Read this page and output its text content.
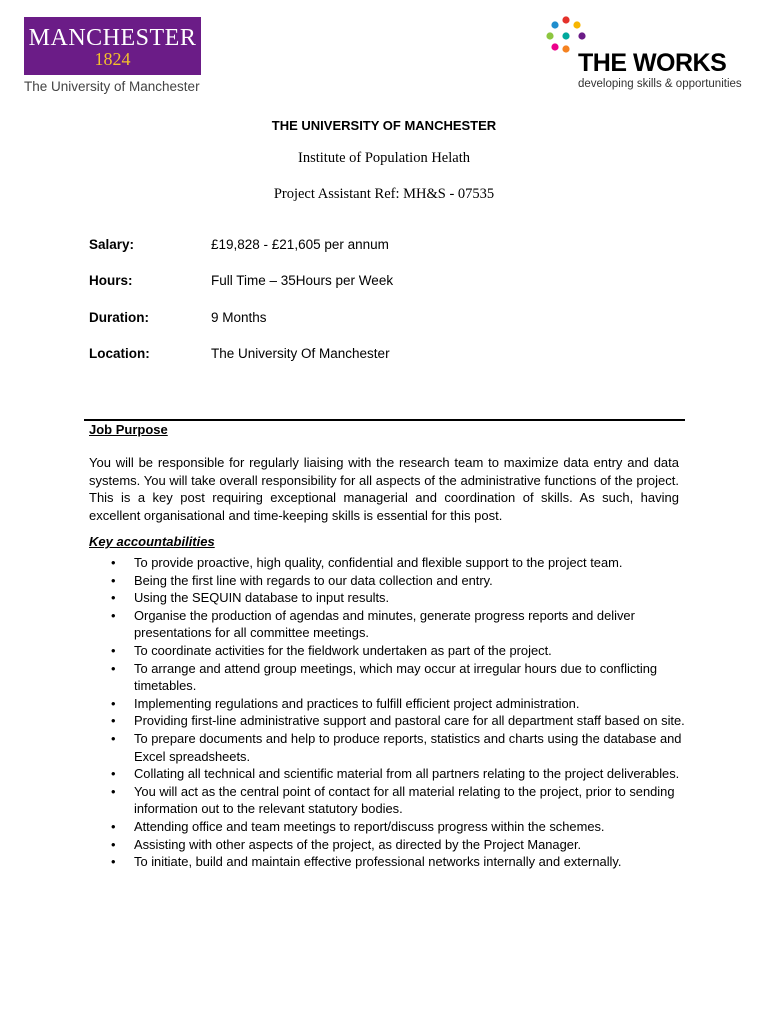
MANCHESTER
1824
The University of Manchester
THE WORKS
developing skills & opportunities
THE UNIVERSITY OF MANCHESTER
Institute of Population Helath
Project Assistant Ref: MH&S - 07535
Salary:	£19,828 - £21,605 per annum
Hours:	Full Time – 35Hours per Week
Duration:	9 Months
Location:	The University Of Manchester
Job Purpose

You will be responsible for regularly liaising with the research team to maximize data entry and data systems. You will take overall responsibility for all aspects of the administrative functions of the project. This is a key post requiring exceptional managerial and coordination of skills. As such, having excellent organisational and time-keeping skills is essential for this post.

Key accountabilities
• To provide proactive, high quality, confidential and flexible support to the project team.
• Being the first line with regards to our data collection and entry.
• Using the SEQUIN database to input results.
• Organise the production of agendas and minutes, generate progress reports and deliver presentations for all committee meetings.
• To coordinate activities for the fieldwork undertaken as part of the project.
• To arrange and attend group meetings, which may occur at irregular hours due to conflicting timetables.
• Implementing regulations and practices to fulfill efficient project administration.
• Providing first-line administrative support and pastoral care for all department staff based on site.
• To prepare documents and help to produce reports, statistics and charts using the database and Excel spreadsheets.
• Collating all technical and scientific material from all partners relating to the project deliverables.
• You will act as the central point of contact for all material relating to the project, prior to sending information out to the relevant statutory bodies.
• Attending office and team meetings to report/discuss progress within the schemes.
• Assisting with other aspects of the project, as directed by the Project Manager.
• To initiate, build and maintain effective professional networks internally and externally.
